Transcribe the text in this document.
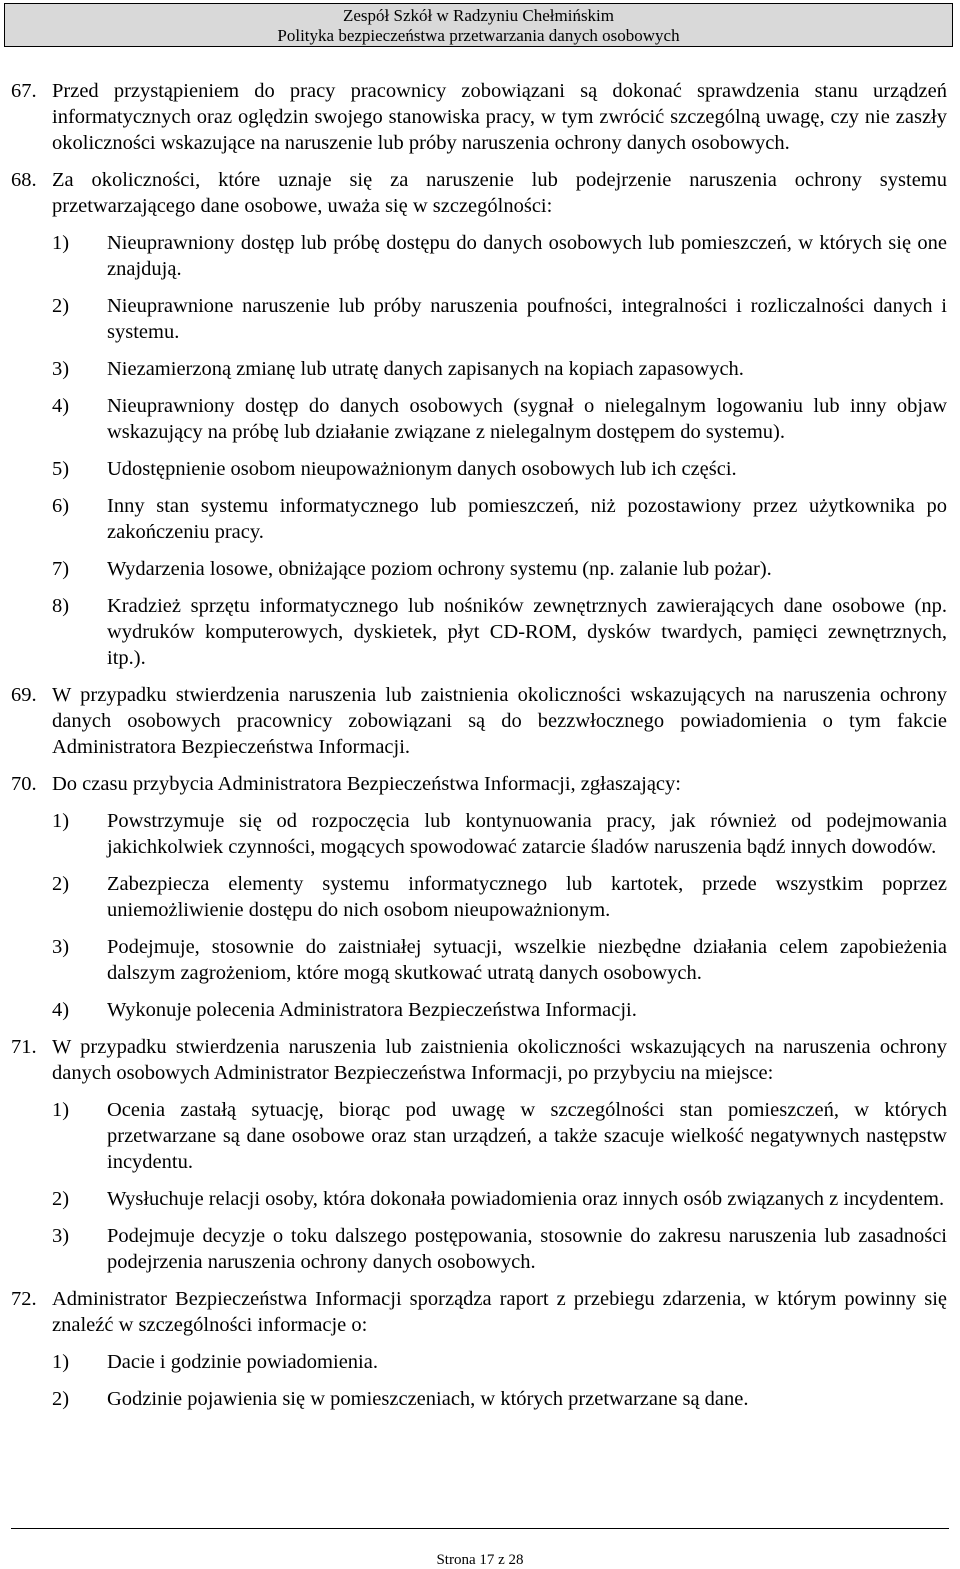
Zespół Szkół w Radzyniu Chełmińskim
Polityka bezpieczeństwa przetwarzania danych osobowych
67. Przed przystąpieniem do pracy pracownicy zobowiązani są dokonać sprawdzenia stanu urządzeń informatycznych oraz oględzin swojego stanowiska pracy, w tym zwrócić szczególną uwagę, czy nie zaszły okoliczności wskazujące na naruszenie lub próby naruszenia ochrony danych osobowych.
68. Za okoliczności, które uznaje się za naruszenie lub podejrzenie naruszenia ochrony systemu przetwarzającego dane osobowe, uważa się w szczególności:
1) Nieuprawniony dostęp lub próbę dostępu do danych osobowych lub pomieszczeń, w których się one znajdują.
2) Nieuprawnione naruszenie lub próby naruszenia poufności, integralności i rozliczalności danych i systemu.
3) Niezamierzoną zmianę lub utratę danych zapisanych na kopiach zapasowych.
4) Nieuprawniony dostęp do danych osobowych (sygnał o nielegalnym logowaniu lub inny objaw wskazujący na próbę lub działanie związane z nielegalnym dostępem do systemu).
5) Udostępnienie osobom nieupoważnionym danych osobowych lub ich części.
6) Inny stan systemu informatycznego lub pomieszczeń, niż pozostawiony przez użytkownika po zakończeniu pracy.
7) Wydarzenia losowe, obniżające poziom ochrony systemu (np. zalanie lub pożar).
8) Kradzież sprzętu informatycznego lub nośników zewnętrznych zawierających dane osobowe (np. wydruków komputerowych, dyskietek, płyt CD-ROM, dysków twardych, pamięci zewnętrznych, itp.).
69. W przypadku stwierdzenia naruszenia lub zaistnienia okoliczności wskazujących na naruszenia ochrony danych osobowych pracownicy zobowiązani są do bezzwłocznego powiadomienia o tym fakcie Administratora Bezpieczeństwa Informacji.
70. Do czasu przybycia Administratora Bezpieczeństwa Informacji, zgłaszający:
1) Powstrzymuje się od rozpoczęcia lub kontynuowania pracy, jak również od podejmowania jakichkolwiek czynności, mogących spowodować zatarcie śladów naruszenia bądź innych dowodów.
2) Zabezpiecza elementy systemu informatycznego lub kartotek, przede wszystkim poprzez uniemożliwienie dostępu do nich osobom nieupoważnionym.
3) Podejmuje, stosownie do zaistniałej sytuacji, wszelkie niezbędne działania celem zapobieżenia dalszym zagrożeniom, które mogą skutkować utratą danych osobowych.
4) Wykonuje polecenia Administratora Bezpieczeństwa Informacji.
71. W przypadku stwierdzenia naruszenia lub zaistnienia okoliczności wskazujących na naruszenia ochrony danych osobowych Administrator Bezpieczeństwa Informacji, po przybyciu na miejsce:
1) Ocenia zastałą sytuację, biorąc pod uwagę w szczególności stan pomieszczeń, w których przetwarzane są dane osobowe oraz stan urządzeń, a także szacuje wielkość negatywnych następstw incydentu.
2) Wysłuchuje relacji osoby, która dokonała powiadomienia oraz innych osób związanych z incydentem.
3) Podejmuje decyzje o toku dalszego postępowania, stosownie do zakresu naruszenia lub zasadności podejrzenia naruszenia ochrony danych osobowych.
72. Administrator Bezpieczeństwa Informacji sporządza raport z przebiegu zdarzenia, w którym powinny się znaleźć w szczególności informacje o:
1) Dacie i godzinie powiadomienia.
2) Godzinie pojawienia się w pomieszczeniach, w których przetwarzane są dane.
Strona 17 z 28
